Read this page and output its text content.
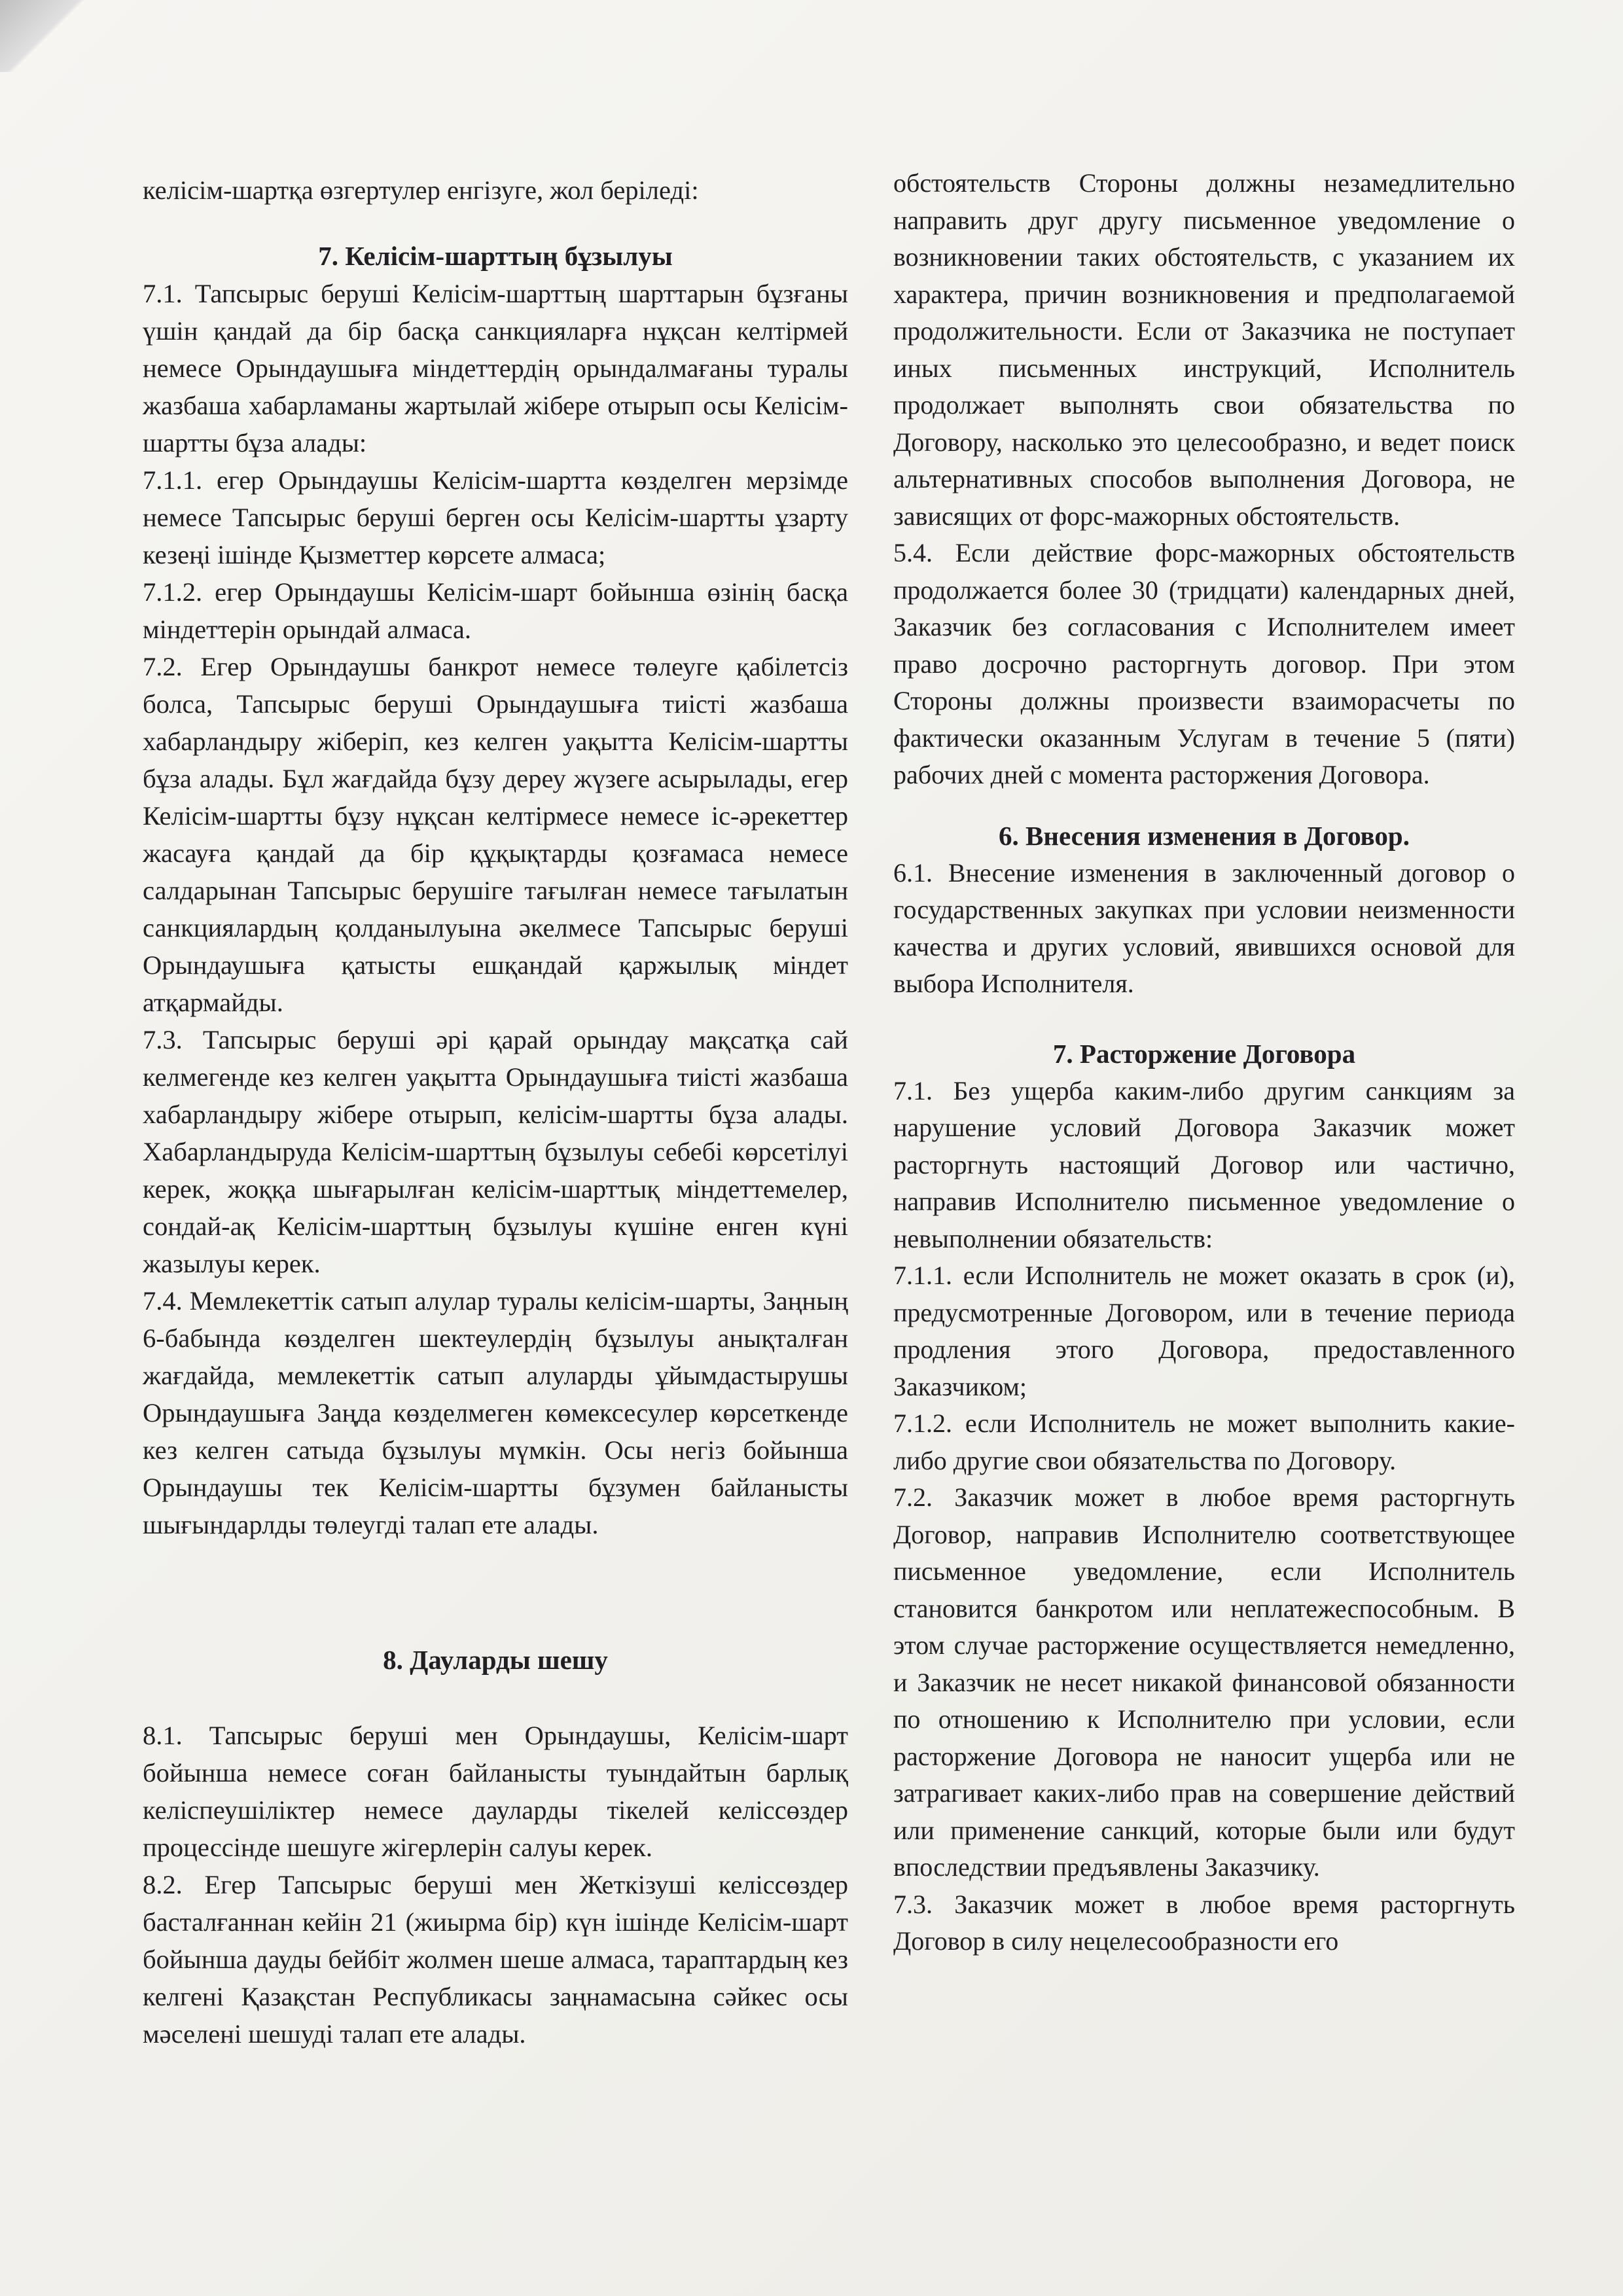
келісім-шартқа өзгертулер енгізуге, жол беріледі:

7. Келісім-шарттың бұзылуы

7.1. Тапсырыс беруші Келісім-шарттың шарттарын бұзғаны үшін қандай да бір басқа санкцияларға нұқсан келтірмей немесе Орындаушыға міндеттердің орындалмағаны туралы жазбаша хабарламаны жартылай жібере отырып осы Келісім-шартты бұза алады:

7.1.1. егер Орындаушы Келісім-шартта көзделген мерзімде немесе Тапсырыс беруші берген осы Келісім-шартты ұзарту кезеңі ішінде Қызметтер көрсете алмаса;

7.1.2. егер Орындаушы Келісім-шарт бойынша өзінің басқа міндеттерін орындай алмаса.

7.2. Егер Орындаушы банкрот немесе төлеуге қабілетсіз болса, Тапсырыс беруші Орындаушыға тиісті жазбаша хабарландыру жіберіп, кез келген уақытта Келісім-шартты бұза алады. Бұл жағдайда бұзу дереу жүзеге асырылады, егер Келісім-шартты бұзу нұқсан келтірмесе немесе іс-әрекеттер жасауға қандай да бір құқықтарды қозғамаса немесе салдарынан Тапсырыс берушіге тағылған немесе тағылатын санкциялардың қолданылуына әкелмесе Тапсырыс беруші Орындаушыға қатысты ешқандай қаржылық міндет атқармайды.

7.3. Тапсырыс беруші әрі қарай орындау мақсатқа сай келмегенде кез келген уақытта Орындаушыға тиісті жазбаша хабарландыру жібере отырып, келісім-шартты бұза алады. Хабарландыруда Келісім-шарттың бұзылуы себебі көрсетілуі керек, жоққа шығарылған келісім-шарттық міндеттемелер, сондай-ақ Келісім-шарттың бұзылуы күшіне енген күні жазылуы керек.

7.4. Мемлекеттік сатып алулар туралы келісім-шарты, Заңның 6-бабында көзделген шектеулердің бұзылуы анықталған жағдайда, мемлекеттік сатып алуларды ұйымдастырушы Орындаушыға Заңда көзделмеген көмексесулер көрсеткенде кез келген сатыда бұзылуы мүмкін. Осы негіз бойынша Орындаушы тек Келісім-шартты бұзумен байланысты шығындарлды төлеугді талап ете алады.

8. Дауларды шешу

8.1. Тапсырыс беруші мен Орындаушы, Келісім-шарт бойынша немесе соған байланысты туындайтын барлық келіспеушіліктер немесе дауларды тікелей келіссөздер процессінде шешуге жігерлерін салуы керек.

8.2. Егер Тапсырыс беруші мен Жеткізуші келіссөздер басталғаннан кейін 21 (жиырма бір) күн ішінде Келісім-шарт бойынша дауды бейбіт жолмен шеше алмаса, тараптардың кез келгені Қазақстан Республикасы заңнамасына сәйкес осы мәселені шешуді талап ете алады.

обстоятельств Стороны должны незамедлительно направить друг другу письменное уведомление о возникновении таких обстоятельств, с указанием их характера, причин возникновения и предполагаемой продолжительности. Если от Заказчика не поступает иных письменных инструкций, Исполнитель продолжает выполнять свои обязательства по Договору, насколько это целесообразно, и ведет поиск альтернативных способов выполнения Договора, не зависящих от форс-мажорных обстоятельств.

5.4. Если действие форс-мажорных обстоятельств продолжается более 30 (тридцати) календарных дней, Заказчик без согласования с Исполнителем имеет право досрочно расторгнуть договор. При этом Стороны должны произвести взаиморасчеты по фактически оказанным Услугам в течение 5 (пяти) рабочих дней с момента расторжения Договора.

6. Внесения изменения в Договор.

6.1. Внесение изменения в заключенный договор о государственных закупках при условии неизменности качества и других условий, явившихся основой для выбора Исполнителя.

7. Расторжение Договора

7.1. Без ущерба каким-либо другим санкциям за нарушение условий Договора Заказчик может расторгнуть настоящий Договор или частично, направив Исполнителю письменное уведомление о невыполнении обязательств:

7.1.1. если Исполнитель не может оказать в срок (и), предусмотренные Договором, или в течение периода продления этого Договора, предоставленного Заказчиком;

7.1.2. если Исполнитель не может выполнить какие-либо другие свои обязательства по Договору.

7.2. Заказчик может в любое время расторгнуть Договор, направив Исполнителю соответствующее письменное уведомление, если Исполнитель становится банкротом или неплатежеспособным. В этом случае расторжение осуществляется немедленно, и Заказчик не несет никакой финансовой обязанности по отношению к Исполнителю при условии, если расторжение Договора не наносит ущерба или не затрагивает каких-либо прав на совершение действий или применение санкций, которые были или будут впоследствии предъявлены Заказчику.

7.3. Заказчик может в любое время расторгнуть Договор в силу нецелесообразности его
